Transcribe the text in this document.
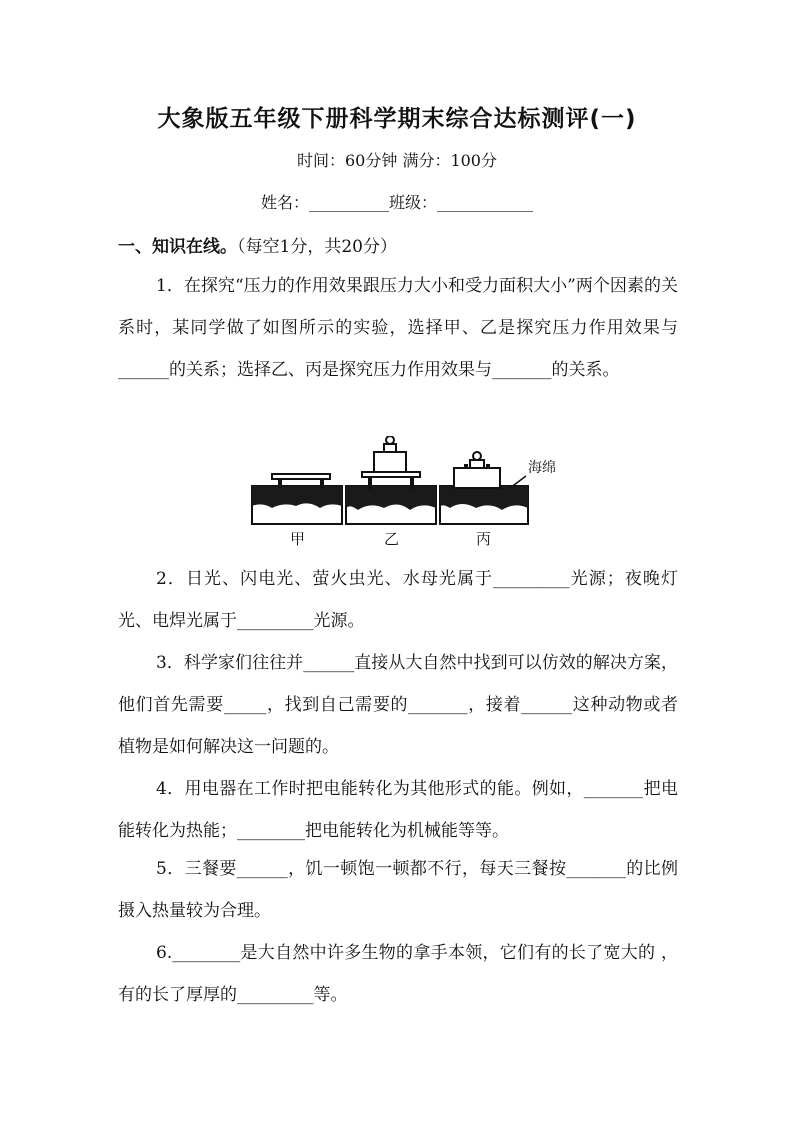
大象版五年级下册科学期末综合达标测评(一)
时间：60分钟 满分：100分
姓名：__________班级：____________
一、知识在线。（每空1分，共20分）

1．在探究“压力的作用效果跟压力大小和受力面积大小”两个因素的关系时，某同学做了如图所示的实验，选择甲、乙是探究压力作用效果与______的关系；选择乙、丙是探究压力作用效果与_______的关系。

海绵
甲	乙	丙

2．日光、闪电光、萤火虫光、水母光属于_________光源；夜晚灯光、电焊光属于_________光源。

3．科学家们往往并______直接从大自然中找到可以仿效的解决方案，他们首先需要_____，找到自己需要的_______，接着______这种动物或者植物是如何解决这一问题的。

4．用电器在工作时把电能转化为其他形式的能。例如，_______把电能转化为热能；________把电能转化为机械能等等。

5．三餐要______，饥一顿饱一顿都不行，每天三餐按_______的比例摄入热量较为合理。

6.________是大自然中许多生物的拿手本领，它们有的长了宽大的 ，有的长了厚厚的_________等。
